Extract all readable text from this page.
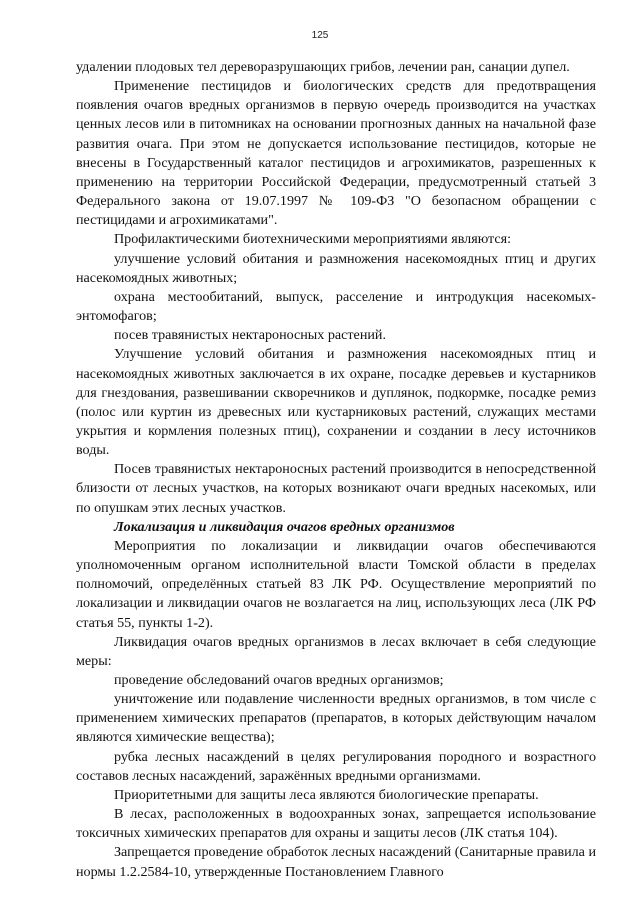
125

удалении плодовых тел дереворазрушающих грибов, лечении ран, санации дупел.

Применение пестицидов и биологических средств для предотвращения появления очагов вредных организмов в первую очередь производится на участках ценных лесов или в питомниках на основании прогнозных данных на начальной фазе развития очага. При этом не допускается использование пестицидов, которые не внесены в Государственный каталог пестицидов и агрохимикатов, разрешенных к применению на территории Российской Федерации, предусмотренный статьей 3 Федерального закона от 19.07.1997 № 109-ФЗ "О безопасном обращении с пестицидами и агрохимикатами".

Профилактическими биотехническими мероприятиями являются:

улучшение условий обитания и размножения насекомоядных птиц и других насекомоядных животных;

охрана местообитаний, выпуск, расселение и интродукция насекомых-энтомофагов;

посев травянистых нектароносных растений.

Улучшение условий обитания и размножения насекомоядных птиц и насекомоядных животных заключается в их охране, посадке деревьев и кустарников для гнездования, развешивании скворечников и дуплянок, подкормке, посадке ремиз (полос или куртин из древесных или кустарниковых растений, служащих местами укрытия и кормления полезных птиц), сохранении и создании в лесу источников воды.

Посев травянистых нектароносных растений производится в непосредственной близости от лесных участков, на которых возникают очаги вредных насекомых, или по опушкам этих лесных участков.

Локализация и ликвидация очагов вредных организмов

Мероприятия по локализации и ликвидации очагов обеспечиваются уполномоченным органом исполнительной власти Томской области в пределах полномочий, определённых статьей 83 ЛК РФ. Осуществление мероприятий по локализации и ликвидации очагов не возлагается на лиц, использующих леса (ЛК РФ статья 55, пункты 1-2).

Ликвидация очагов вредных организмов в лесах включает в себя следующие меры:

проведение обследований очагов вредных организмов;

уничтожение или подавление численности вредных организмов, в том числе с применением химических препаратов (препаратов, в которых действующим началом являются химические вещества);

рубка лесных насаждений в целях регулирования породного и возрастного составов лесных насаждений, заражённых вредными организмами.

Приоритетными для защиты леса являются биологические препараты.

В лесах, расположенных в водоохранных зонах, запрещается использование токсичных химических препаратов для охраны и защиты лесов (ЛК статья 104).

Запрещается проведение обработок лесных насаждений (Санитарные правила и нормы 1.2.2584-10, утвержденные Постановлением Главного
